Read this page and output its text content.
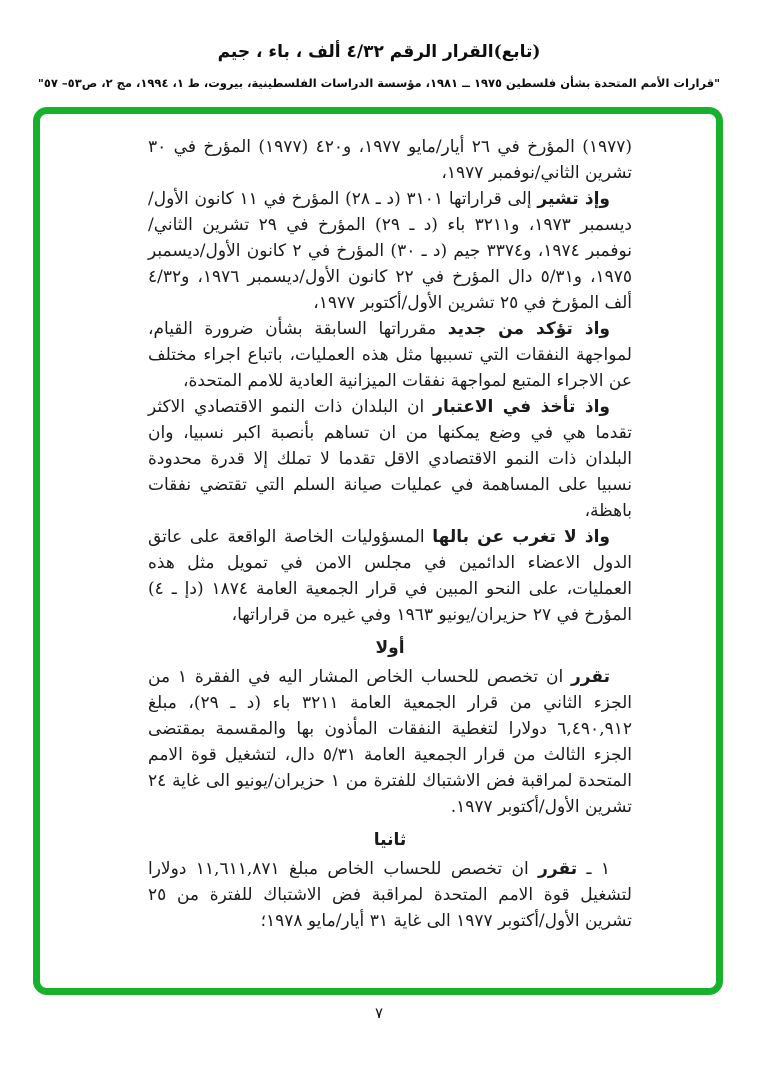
(تابع)القرار الرقم ٤/٣٢ ألف ، باء ، جيم
"قرارات الأمم المتحدة بشأن فلسطين ١٩٧٥ ــ ١٩٨١، مؤسسة الدراسات الفلسطينية، بيروت، ط ١، ١٩٩٤، مج ٢، ص٥٣– ٥٧"

(١٩٧٧) المؤرخ في ٢٦ أيار/مايو ١٩٧٧، و٤٢٠ (١٩٧٧) المؤرخ في ٣٠ تشرين الثاني/نوفمبر ١٩٧٧،

وإذ تشير إلى قراراتها ٣١٠١ (د ـ ٢٨) المؤرخ في ١١ كانون الأول/ديسمبر ١٩٧٣، و٣٢١١ باء (د ـ ٢٩) المؤرخ في ٢٩ تشرين الثاني/نوفمبر ١٩٧٤، و٣٣٧٤ جيم (د ـ ٣٠) المؤرخ في ٢ كانون الأول/ديسمبر ١٩٧٥، و٥/٣١ دال المؤرخ في ٢٢ كانون الأول/ديسمبر ١٩٧٦، و٤/٣٢ ألف المؤرخ في ٢٥ تشرين الأول/أكتوبر ١٩٧٧،

واذ تؤكد من جديد مقرراتها السابقة بشأن ضرورة القيام، لمواجهة النفقات التي تسببها مثل هذه العمليات، باتباع اجراء مختلف عن الاجراء المتبع لمواجهة نفقات الميزانية العادية للامم المتحدة،

واذ تأخذ في الاعتبار ان البلدان ذات النمو الاقتصادي الاكثر تقدما هي في وضع يمكنها من ان تساهم بأنصبة اكبر نسبيا، وان البلدان ذات النمو الاقتصادي الاقل تقدما لا تملك إلا قدرة محدودة نسبيا على المساهمة في عمليات صيانة السلم التي تقتضي نفقات باهظة،

واذ لا تغرب عن بالها المسؤوليات الخاصة الواقعة على عاتق الدول الاعضاء الدائمين في مجلس الامن في تمويل مثل هذه العمليات، على النحو المبين في قرار الجمعية العامة ١٨٧٤ (دإ ـ ٤) المؤرخ في ٢٧ حزيران/يونيو ١٩٦٣ وفي غيره من قراراتها،

أولا

تقرر ان تخصص للحساب الخاص المشار اليه في الفقرة ١ من الجزء الثاني من قرار الجمعية العامة ٣٢١١ باء (د ـ ٢٩)، مبلغ ٦,٤٩٠,٩١٢ دولارا لتغطية النفقات المأذون بها والمقسمة بمقتضى الجزء الثالث من قرار الجمعية العامة ٥/٣١ دال، لتشغيل قوة الامم المتحدة لمراقبة فض الاشتباك للفترة من ١ حزيران/يونيو الى غاية ٢٤ تشرين الأول/أكتوبر ١٩٧٧.

ثانيا

١ ـ تقرر ان تخصص للحساب الخاص مبلغ ١١,٦١١,٨٧١ دولارا لتشغيل قوة الامم المتحدة لمراقبة فض الاشتباك للفترة من ٢٥ تشرين الأول/أكتوبر ١٩٧٧ الى غاية ٣١ أيار/مايو ١٩٧٨؛

٧
